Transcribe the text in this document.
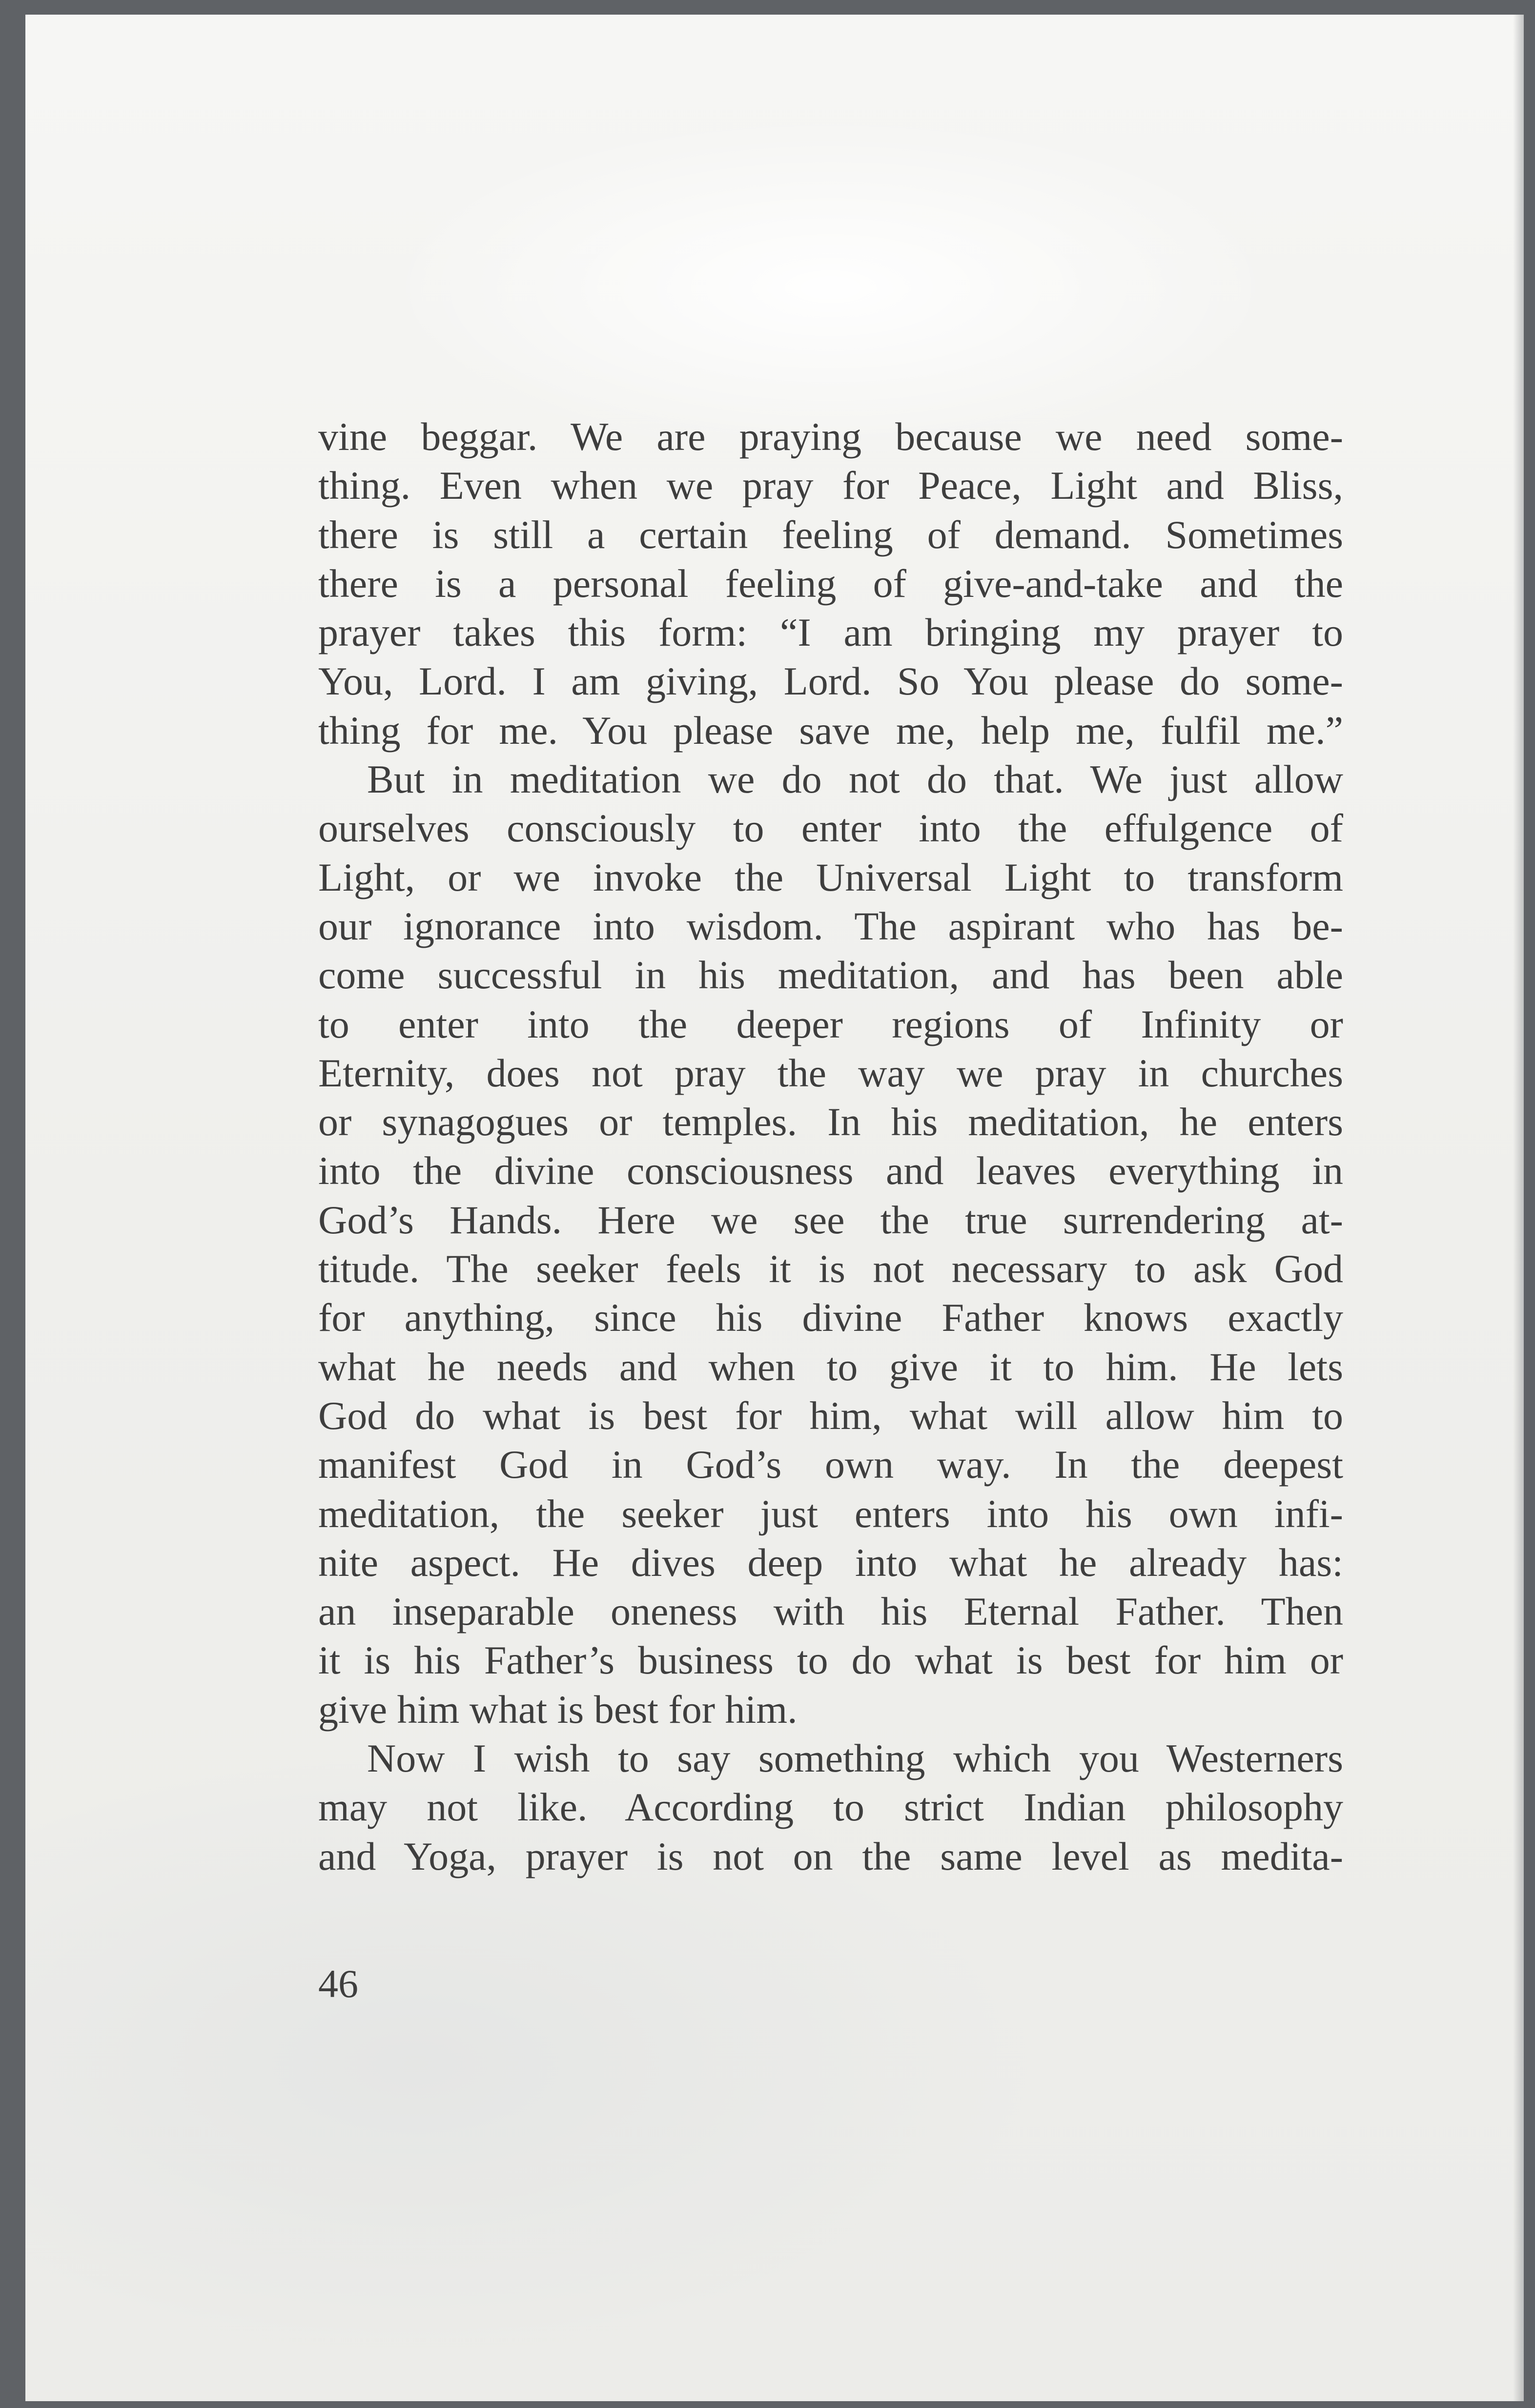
vine beggar. We are praying because we need some-
thing. Even when we pray for Peace, Light and Bliss,
there is still a certain feeling of demand. Sometimes
there is a personal feeling of give-and-take and the
prayer takes this form: “I am bringing my prayer to
You, Lord. I am giving, Lord. So You please do some-
thing for me. You please save me, help me, fulfil me.”

But in meditation we do not do that. We just allow
ourselves consciously to enter into the effulgence of
Light, or we invoke the Universal Light to transform
our ignorance into wisdom. The aspirant who has be-
come successful in his meditation, and has been able
to enter into the deeper regions of Infinity or
Eternity, does not pray the way we pray in churches
or synagogues or temples. In his meditation, he enters
into the divine consciousness and leaves everything in
God’s Hands. Here we see the true surrendering at-
titude. The seeker feels it is not necessary to ask God
for anything, since his divine Father knows exactly
what he needs and when to give it to him. He lets
God do what is best for him, what will allow him to
manifest God in God’s own way. In the deepest
meditation, the seeker just enters into his own infi-
nite aspect. He dives deep into what he already has:
an inseparable oneness with his Eternal Father. Then
it is his Father’s business to do what is best for him or
give him what is best for him.

Now I wish to say something which you Westerners
may not like. According to strict Indian philosophy
and Yoga, prayer is not on the same level as medita-

46
